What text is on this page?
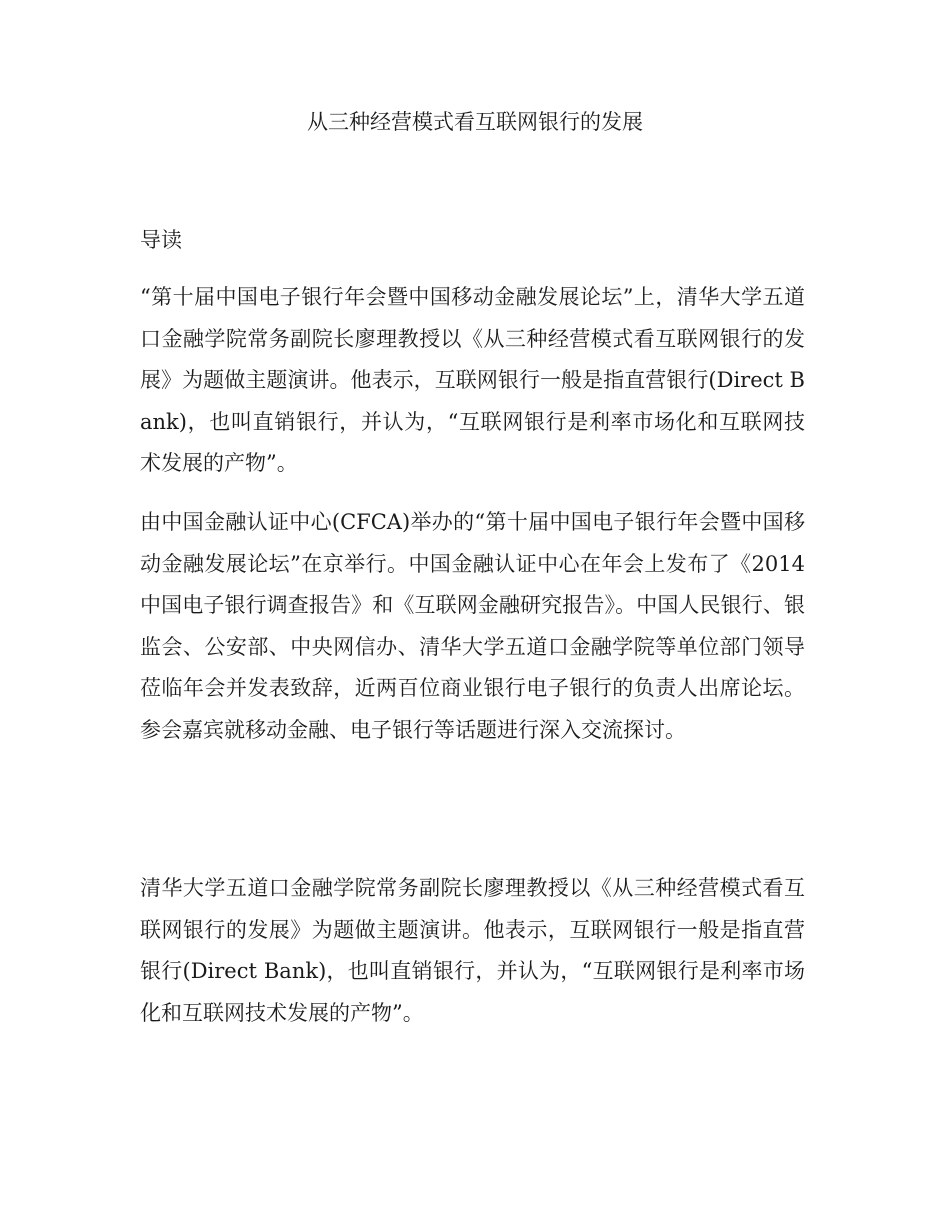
从三种经营模式看互联网银行的发展
导读

“第十届中国电子银行年会暨中国移动金融发展论坛”上，清华大学五道口金融学院常务副院长廖理教授以《从三种经营模式看互联网银行的发展》为题做主题演讲。他表示，互联网银行一般是指直营银行(Direct Bank)，也叫直销银行，并认为，“互联网银行是利率市场化和互联网技术发展的产物”。

由中国金融认证中心(CFCA)举办的“第十届中国电子银行年会暨中国移动金融发展论坛”在京举行。中国金融认证中心在年会上发布了《2014中国电子银行调查报告》和《互联网金融研究报告》。中国人民银行、银监会、公安部、中央网信办、清华大学五道口金融学院等单位部门领导莅临年会并发表致辞，近两百位商业银行电子银行的负责人出席论坛。参会嘉宾就移动金融、电子银行等话题进行深入交流探讨。

清华大学五道口金融学院常务副院长廖理教授以《从三种经营模式看互联网银行的发展》为题做主题演讲。他表示，互联网银行一般是指直营银行(Direct Bank)，也叫直销银行，并认为，“互联网银行是利率市场化和互联网技术发展的产物”。
